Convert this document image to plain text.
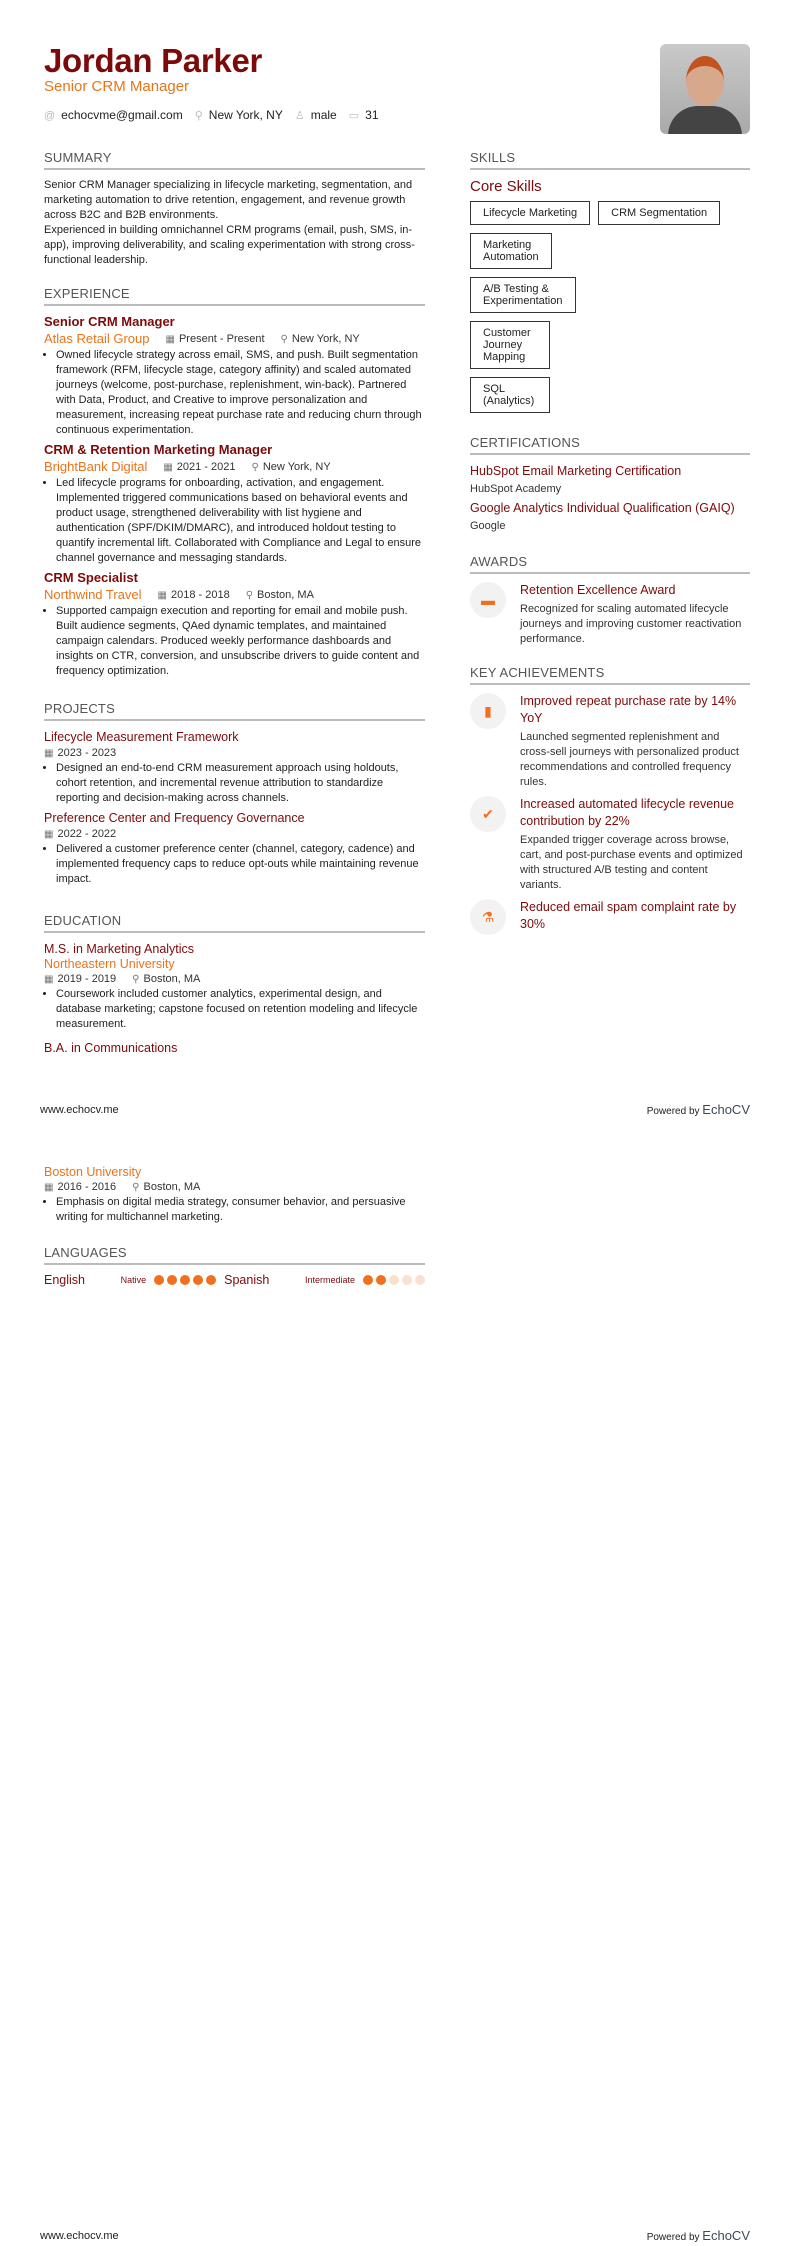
Jordan Parker
Senior CRM Manager
@ echocvme@gmail.com ⚲ New York, NY ♙ male ▭ 31
SUMMARY

Senior CRM Manager specializing in lifecycle marketing, segmentation, and marketing automation to drive retention, engagement, and revenue growth across B2C and B2B environments.

Experienced in building omnichannel CRM programs (email, push, SMS, in-app), improving deliverability, and scaling experimentation with strong cross-functional leadership.

EXPERIENCE
Senior CRM Manager
Atlas Retail Group ▦ Present - Present ⚲ New York, NY
• Owned lifecycle strategy across email, SMS, and push. Built segmentation framework (RFM, lifecycle stage, category affinity) and scaled automated journeys (welcome, post-purchase, replenishment, win-back). Partnered with Data, Product, and Creative to improve personalization and measurement, increasing repeat purchase rate and reducing churn through continuous experimentation.
CRM & Retention Marketing Manager
BrightBank Digital ▦ 2021 - 2021 ⚲ New York, NY
• Led lifecycle programs for onboarding, activation, and engagement. Implemented triggered communications based on behavioral events and product usage, strengthened deliverability with list hygiene and authentication (SPF/DKIM/DMARC), and introduced holdout testing to quantify incremental lift. Collaborated with Compliance and Legal to ensure channel governance and messaging standards.
CRM Specialist
Northwind Travel ▦ 2018 - 2018 ⚲ Boston, MA
• Supported campaign execution and reporting for email and mobile push. Built audience segments, QAed dynamic templates, and maintained campaign calendars. Produced weekly performance dashboards and insights on CTR, conversion, and unsubscribe drivers to guide content and frequency optimization.
PROJECTS
Lifecycle Measurement Framework
▦ 2023 - 2023
• Designed an end-to-end CRM measurement approach using holdouts, cohort retention, and incremental revenue attribution to standardize reporting and decision-making across channels.
Preference Center and Frequency Governance
▦ 2022 - 2022
• Delivered a customer preference center (channel, category, cadence) and implemented frequency caps to reduce opt-outs while maintaining revenue impact.
EDUCATION
M.S. in Marketing Analytics
Northeastern University
▦ 2019 - 2019 ⚲ Boston, MA
• Coursework included customer analytics, experimental design, and database marketing; capstone focused on retention modeling and lifecycle measurement.
B.A. in Communications
SKILLS
Core Skills
Lifecycle Marketing	CRM Segmentation
Marketing Automation
A/B Testing & Experimentation
Customer Journey Mapping
SQL (Analytics)
CERTIFICATIONS
HubSpot Email Marketing Certification
HubSpot Academy
Google Analytics Individual Qualification (GAIQ)
Google
AWARDS
▬
Retention Excellence Award
Recognized for scaling automated lifecycle journeys and improving customer reactivation performance.
KEY ACHIEVEMENTS
▮
Improved repeat purchase rate by 14% YoY
Launched segmented replenishment and cross-sell journeys with personalized product recommendations and controlled frequency rules.
✔
Increased automated lifecycle revenue contribution by 22%
Expanded trigger coverage across browse, cart, and post-purchase events and optimized with structured A/B testing and content variants.
⚗
Reduced email spam complaint rate by 30%
www.echocv.me	Powered by EchoCV
Boston University
▦ 2016 - 2016 ⚲ Boston, MA
• Emphasis on digital media strategy, consumer behavior, and persuasive writing for multichannel marketing.
LANGUAGES
English	Native	Spanish	Intermediate
www.echocv.me	Powered by EchoCV
